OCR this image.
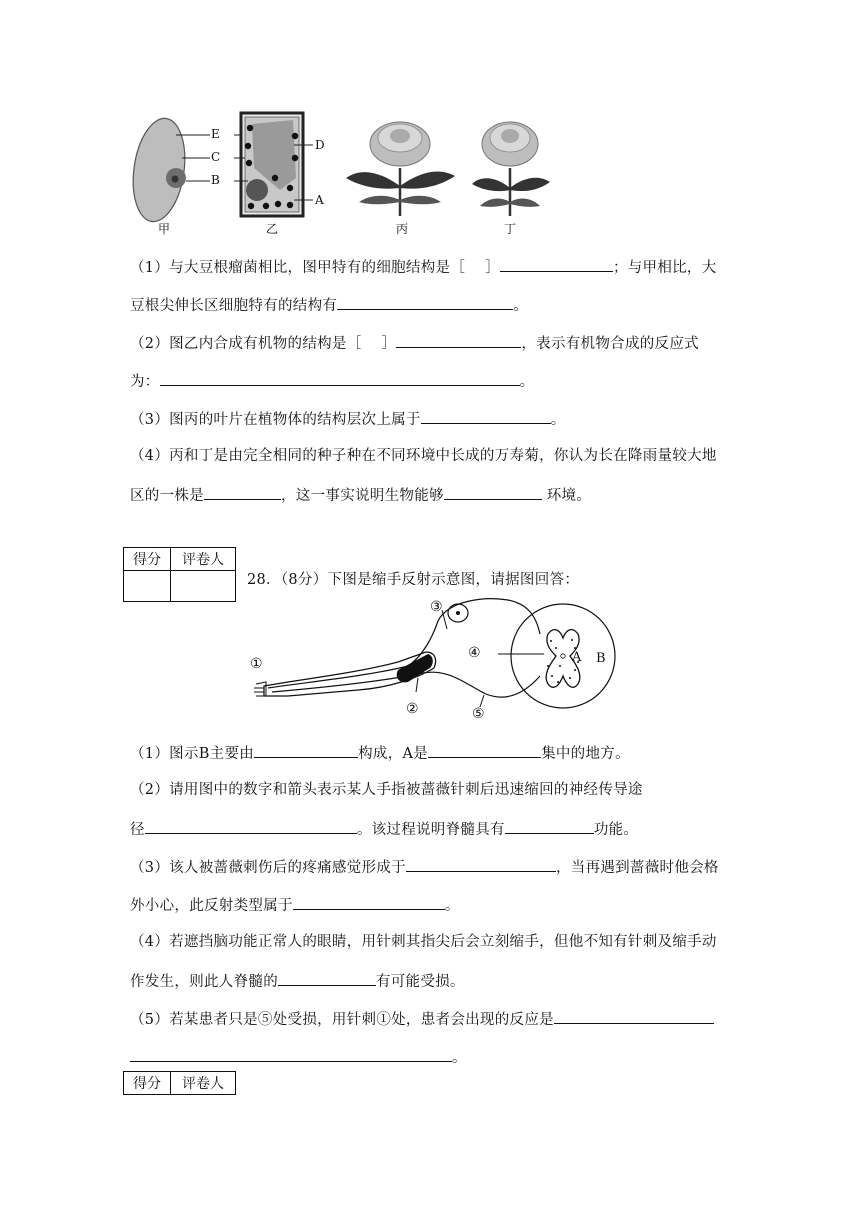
E
C
B
D
A
甲	乙	丙	丁
（1）与大豆根瘤菌相比，图甲特有的细胞结构是［ ］	；与甲相比，大
豆根尖伸长区细胞特有的结构有	。
（2）图乙内合成有机物的结构是［ ］	，表示有机物合成的反应式
为：	。
（3）图丙的叶片在植物体的结构层次上属于	。
（4）丙和丁是由完全相同的种子种在不同环境中长成的万寿菊，你认为长在降雨量较大地
区的一株是	，这一事实说明生物能够	环境。
得分	评卷人

28．（8分）下图是缩手反射示意图，请据图回答：
①
②
③
④
⑤
A B
（1）图示B主要由	构成，A是	集中的地方。
（2）请用图中的数字和箭头表示某人手指被蔷薇针刺后迅速缩回的神经传导途
径	。该过程说明脊髓具有	功能。
（3）该人被蔷薇刺伤后的疼痛感觉形成于	，当再遇到蔷薇时他会格
外小心，此反射类型属于	。
（4）若遮挡脑功能正常人的眼睛，用针刺其指尖后会立刻缩手，但他不知有针刺及缩手动
作发生，则此人脊髓的	有可能受损。
（5）若某患者只是⑤处受损，用针刺①处，患者会出现的反应是
。
得分	评卷人
